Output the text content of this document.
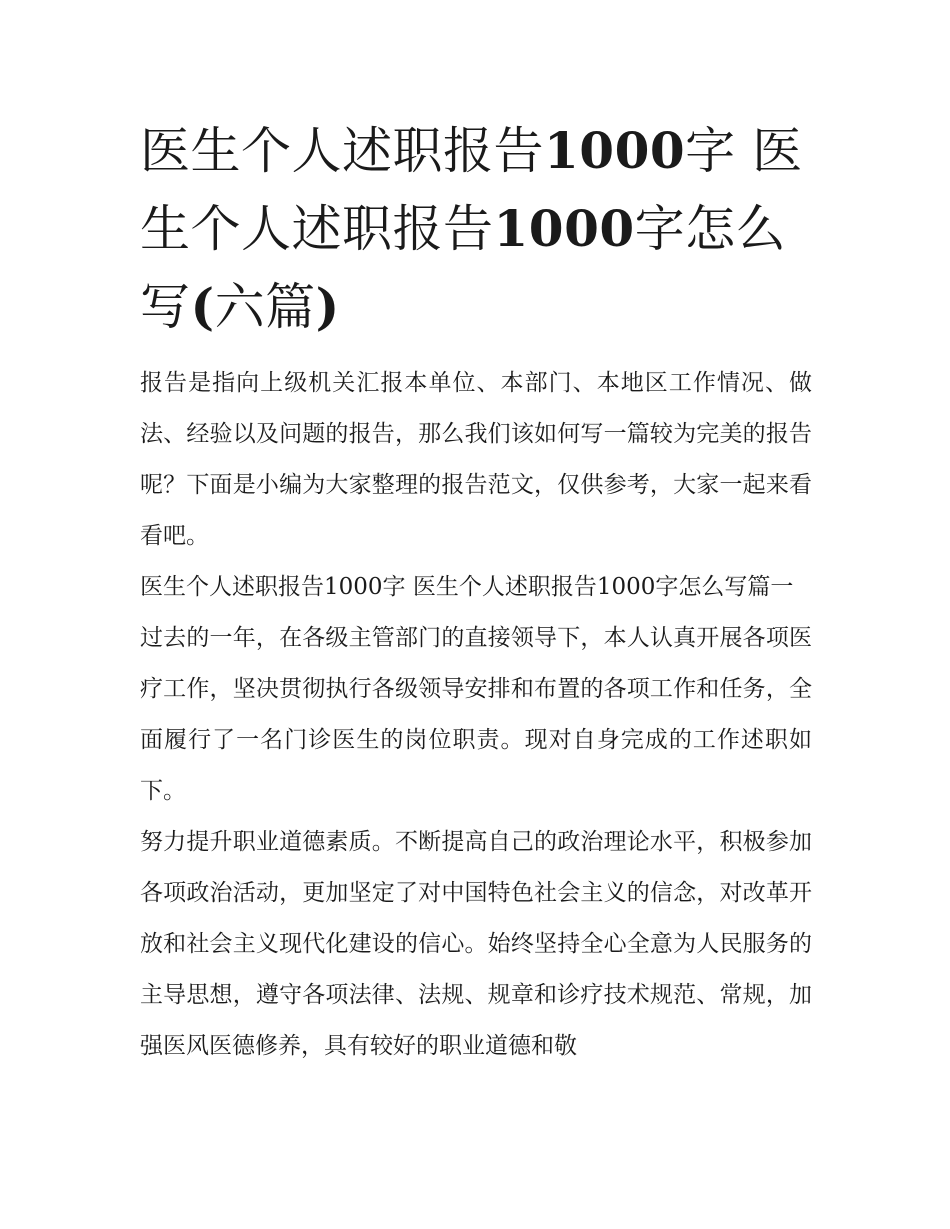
医生个人述职报告1000字 医生个人述职报告1000字怎么写(六篇)

报告是指向上级机关汇报本单位、本部门、本地区工作情况、做法、经验以及问题的报告，那么我们该如何写一篇较为完美的报告呢？下面是小编为大家整理的报告范文，仅供参考，大家一起来看看吧。

医生个人述职报告1000字 医生个人述职报告1000字怎么写篇一

过去的一年，在各级主管部门的直接领导下，本人认真开展各项医疗工作，坚决贯彻执行各级领导安排和布置的各项工作和任务，全面履行了一名门诊医生的岗位职责。现对自身完成的工作述职如下。

努力提升职业道德素质。不断提高自己的政治理论水平，积极参加各项政治活动，更加坚定了对中国特色社会主义的信念，对改革开放和社会主义现代化建设的信心。始终坚持全心全意为人民服务的主导思想，遵守各项法律、法规、规章和诊疗技术规范、常规，加强医风医德修养，具有较好的职业道德和敬
